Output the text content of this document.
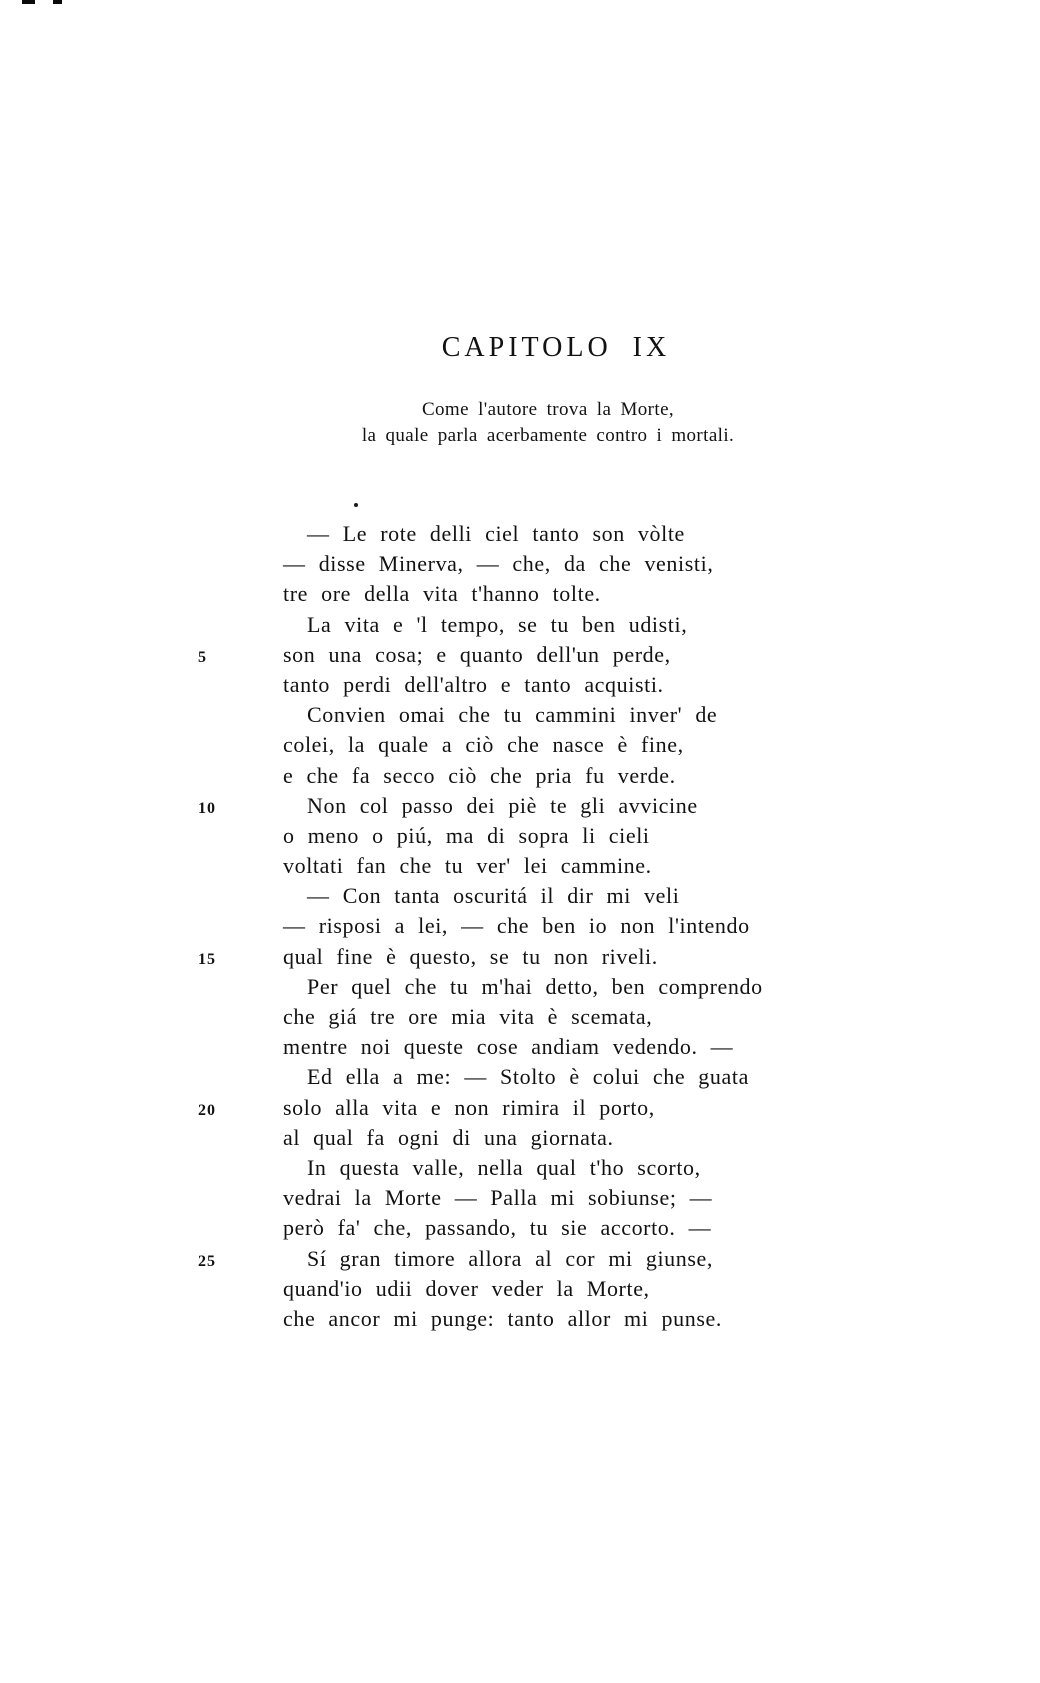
CAPITOLO IX
Come l'autore trova la Morte,
la quale parla acerbamente contro i mortali.
— Le rote delli ciel tanto son vòlte
— disse Minerva, — che, da che venisti,
tre ore della vita t'hanno tolte.
La vita e 'l tempo, se tu ben udisti,
5	son una cosa; e quanto dell'un perde,
tanto perdi dell'altro e tanto acquisti.
Convien omai che tu cammini inver' de
colei, la quale a ciò che nasce è fine,
e che fa secco ciò che pria fu verde.
10	Non col passo dei piè te gli avvicine
o meno o piú, ma di sopra li cieli
voltati fan che tu ver' lei cammine.
— Con tanta oscuritá il dir mi veli
— risposi a lei, — che ben io non l'intendo
15	qual fine è questo, se tu non riveli.
Per quel che tu m'hai detto, ben comprendo
che giá tre ore mia vita è scemata,
mentre noi queste cose andiam vedendo. —
Ed ella a me: — Stolto è colui che guata
20	solo alla vita e non rimira il porto,
al qual fa ogni di una giornata.
In questa valle, nella qual t'ho scorto,
vedrai la Morte — Palla mi sobiunse; —
però fa' che, passando, tu sie accorto. —
25	Sí gran timore allora al cor mi giunse,
quand'io udii dover veder la Morte,
che ancor mi punge: tanto allor mi punse.
